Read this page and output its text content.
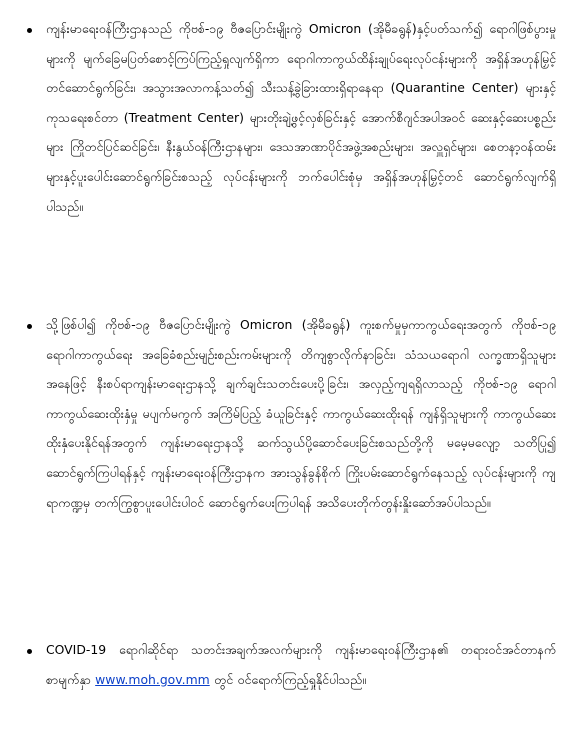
ကျန်းမာရေးဝန်ကြီးဌာနသည် ကိုဗစ်-၁၉ ဗီဇပြောင်းမျိုးကွဲ Omicron (အိုမီခရွန်)နှင့်ပတ်သက်၍ ရောဂါဖြစ်ပွားမှုများကို မျက်ခြေမပြတ်စောင့်ကြပ်ကြည့်ရှုလျက်ရှိကာ ရောဂါကာကွယ်ထိန်းချုပ်ရေးလုပ်ငန်းများကို အရှိန်အဟုန်မြှင့်တင်ဆောင်ရွက်ခြင်း၊ အသွားအလာကန့်သတ်၍ သီးသန့်ခွဲခြားထားရှိရာနေရာ (Quarantine Center) များနှင့် ကုသရေးစင်တာ (Treatment Center) များတိုးချဲ့ဖွင့်လှစ်ခြင်းနှင့် အောက်စီဂျင်အပါအဝင် ဆေးနှင့်ဆေးပစ္စည်းများ ကြိုတင်ပြင်ဆင်ခြင်း၊ နီးနွယ်ဝန်ကြီးဌာနများ၊ ဒေသအာဏာပိုင်အဖွဲ့အစည်းများ၊ အလှူရှင်များ၊ စေတနာ့ဝန်ထမ်းများနှင့်ပူးပေါင်းဆောင်ရွက်ခြင်းစသည့် လုပ်ငန်းများကို ဘက်ပေါင်းစုံမှ အရှိန်အဟုန်မြှင့်တင် ဆောင်ရွက်လျက်ရှိပါသည်။

သို့ဖြစ်ပါ၍ ကိုဗစ်-၁၉ ဗီဇပြောင်းမျိုးကွဲ Omicron (အိုမီခရွန်) ကူးစက်မှုမှကာကွယ်ရေးအတွက် ကိုဗစ်-၁၉ ရောဂါကာကွယ်ရေး အခြေခံစည်းမျဉ်းစည်းကမ်းများကို တိကျစွာလိုက်နာခြင်း၊ သံသယရောဂါ လက္ခဏာရှိသူများအနေဖြင့် နီးစပ်ရာကျန်းမာရေးဌာနသို့ ချက်ချင်းသတင်းပေးပို့ခြင်း၊ အလှည့်ကျရရှိလာသည့် ကိုဗစ်-၁၉ ရောဂါ ကာကွယ်ဆေးထိုးနှံမှု မပျက်မကွက် အကြိမ်ပြည့် ခံယူခြင်းနှင့် ကာကွယ်ဆေးထိုးရန် ကျန်ရှိသူများကို ကာကွယ်ဆေးထိုးနှံပေးနိုင်ရန်အတွက် ကျန်းမာရေးဌာနသို့ ဆက်သွယ်ပို့ဆောင်ပေးခြင်းစသည်တို့ကို မမေ့မလျော့ သတိပြု၍ ဆောင်ရွက်ကြပါရန်နှင့် ကျန်းမာရေးဝန်ကြီးဌာနက အားသွန်ခွန်စိုက် ကြိုးပမ်းဆောင်ရွက်နေသည့် လုပ်ငန်းများကို ကျရာကဏ္ဍမှ တက်ကြွစွာပူးပေါင်းပါဝင် ဆောင်ရွက်ပေးကြပါရန် အသိပေးတိုက်တွန်းနှိုးဆော်အပ်ပါသည်။

COVID-19 ရောဂါဆိုင်ရာ သတင်းအချက်အလက်များကို ကျန်းမာရေးဝန်ကြီးဌာန၏ တရားဝင်အင်တာနက်စာမျက်နှာ www.moh.gov.mm တွင် ဝင်ရောက်ကြည့်ရှုနိုင်ပါသည်။
